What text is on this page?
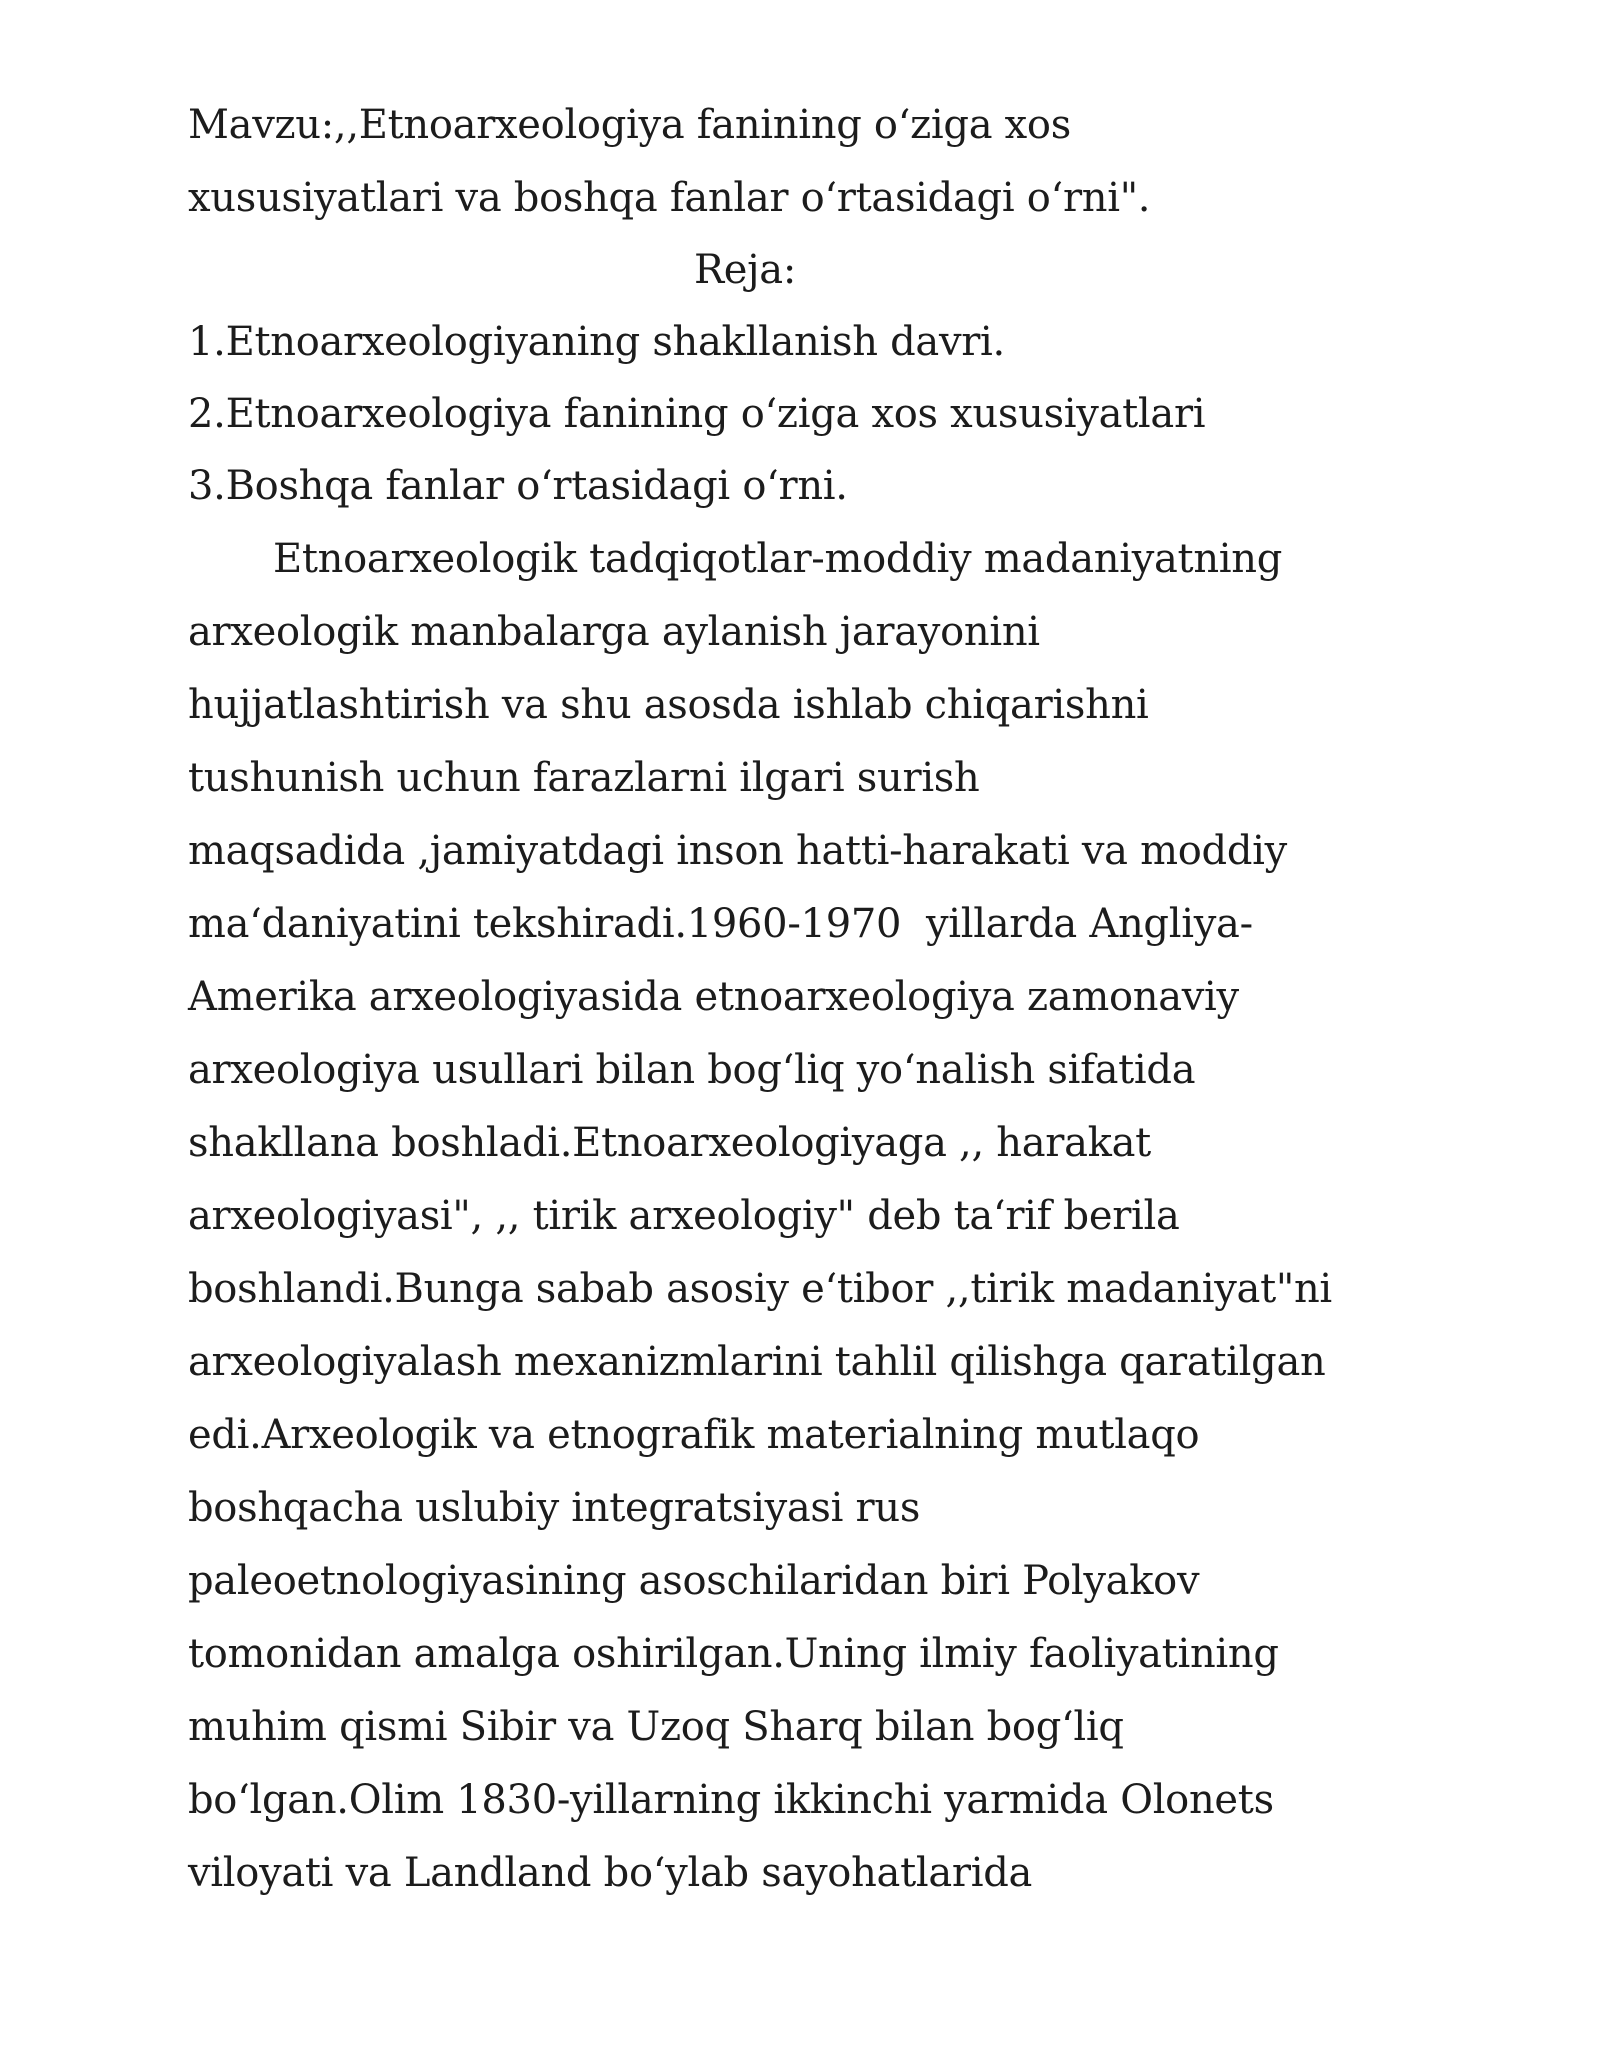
Mavzu:,,Etnoarxeologiya fanining o‘ziga xos
xususiyatlari va boshqa fanlar o‘rtasidagi o‘rni".
Reja:
1.Etnoarxeologiyaning shakllanish davri.
2.Etnoarxeologiya fanining o‘ziga xos xususiyatlari
3.Boshqa fanlar o‘rtasidagi o‘rni.
Etnoarxeologik tadqiqotlar-moddiy madaniyatning
arxeologik manbalarga aylanish jarayonini
hujjatlashtirish va shu asosda ishlab chiqarishni
tushunish uchun farazlarni ilgari surish
maqsadida ,jamiyatdagi inson hatti-harakati va moddiy
ma‘daniyatini tekshiradi.1960-1970  yillarda Angliya-
Amerika arxeologiyasida etnoarxeologiya zamonaviy
arxeologiya usullari bilan bog‘liq yo‘nalish sifatida
shakllana boshladi.Etnoarxeologiyaga ,, harakat
arxeologiyasi", ,, tirik arxeologiy" deb ta‘rif berila
boshlandi.Bunga sabab asosiy e‘tibor ,,tirik madaniyat"ni
arxeologiyalash mexanizmlarini tahlil qilishga qaratilgan
edi.Arxeologik va etnografik materialning mutlaqo
boshqacha uslubiy integratsiyasi rus
paleoetnologiyasining asoschilaridan biri Polyakov
tomonidan amalga oshirilgan.Uning ilmiy faoliyatining
muhim qismi Sibir va Uzoq Sharq bilan bog‘liq
bo‘lgan.Olim 1830-yillarning ikkinchi yarmida Olonets
viloyati va Landland bo‘ylab sayohatlarida
